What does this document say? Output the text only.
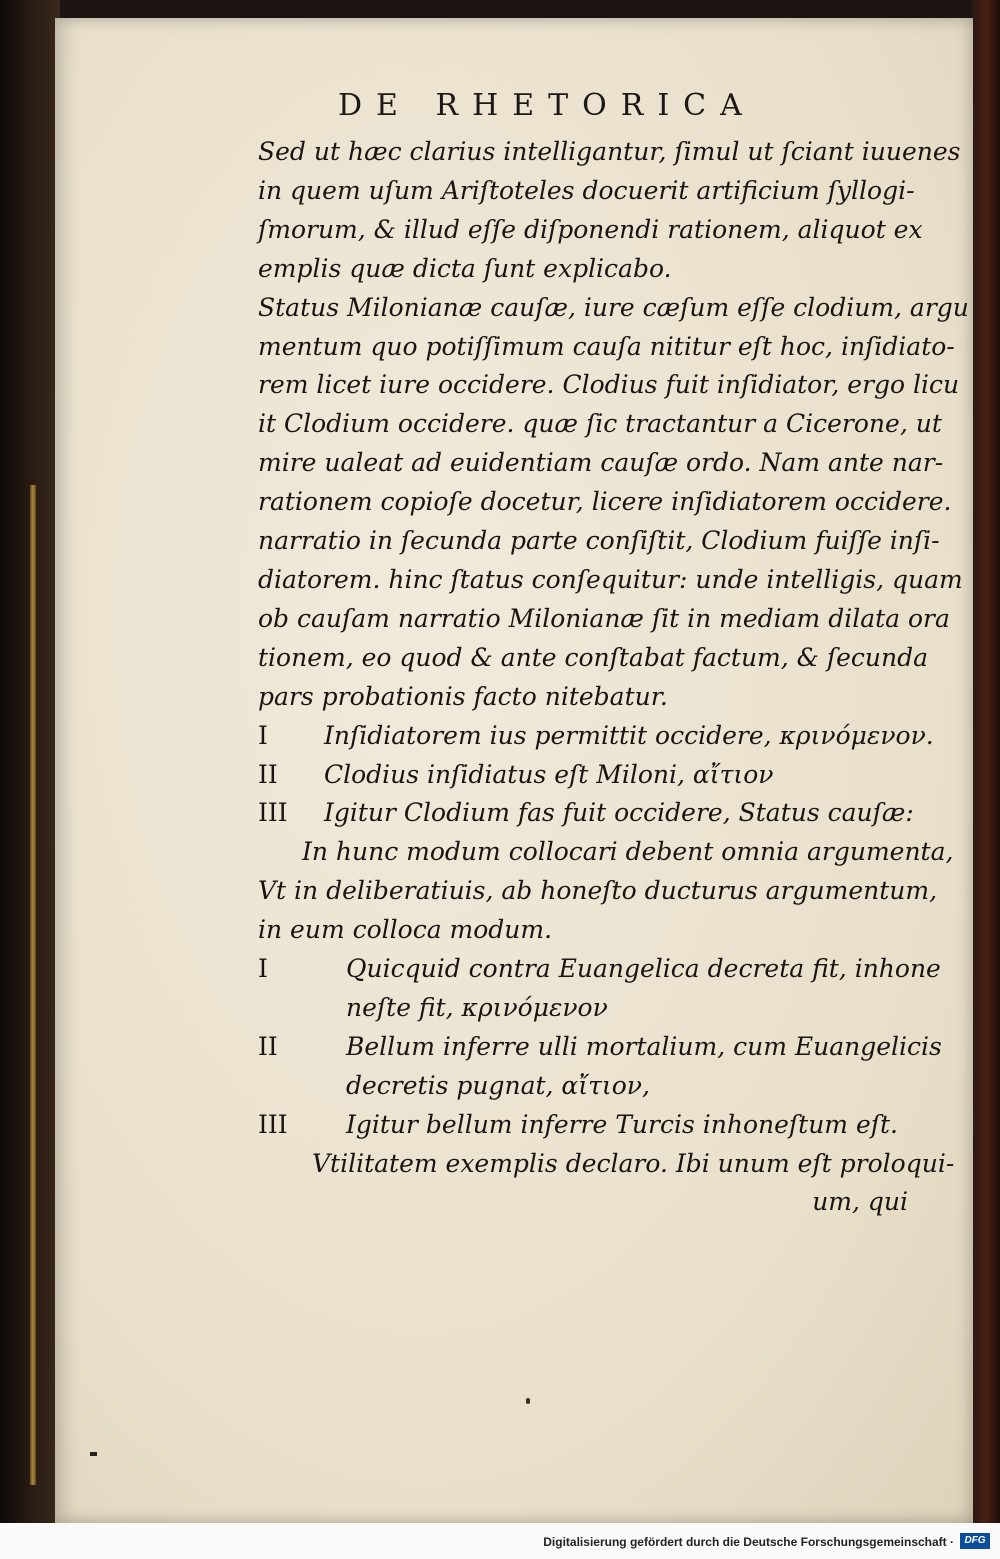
DE RHETORICA
Sed ut hæc clarius intelligantur, ſimul ut ſciant iuuenes
in quem uſum Ariſtoteles docuerit artificium ſyllogi-
ſmorum, & illud eſſe diſponendi rationem, aliquot ex
emplis quæ dicta ſunt explicabo.
Status Milonianæ cauſæ, iure cæſum eſſe clodium, argu
mentum quo potiſſimum cauſa nititur eſt hoc, inſidiato-
rem licet iure occidere. Clodius fuit inſidiator, ergo licu
it Clodium occidere. quæ ſic tractantur a Cicerone, ut
mire ualeat ad euidentiam cauſæ ordo. Nam ante nar-
rationem copioſe docetur, licere inſidiatorem occidere.
narratio in ſecunda parte conſiſtit, Clodium fuiſſe inſi-
diatorem. hinc ſtatus conſequitur: unde intelligis, quam
ob cauſam narratio Milonianæ ſit in mediam dilata ora
tionem, eo quod & ante conſtabat factum, & ſecunda
pars probationis facto nitebatur.
I Inſidiatorem ius permittit occidere, κρινόμενον.
II Clodius inſidiatus eſt Miloni, αἴτιον
III Igitur Clodium fas fuit occidere, Status cauſæ:
In hunc modum collocari debent omnia argumenta,
Vt in deliberatiuis, ab honeſto ducturus argumentum,
in eum colloca modum.
I	Quicquid contra Euangelica decreta fit, inhone
neſte fit, κρινόμενον
II	Bellum inferre ulli mortalium, cum Euangelicis
decretis pugnat, αἴτιον,
III Igitur bellum inferre Turcis inhoneſtum eſt.
Vtilitatem exemplis declaro. Ibi unum eſt proloqui-
um, qui
Digitalisierung gefördert durch die Deutsche Forschungsgemeinschaft ·	DFG
